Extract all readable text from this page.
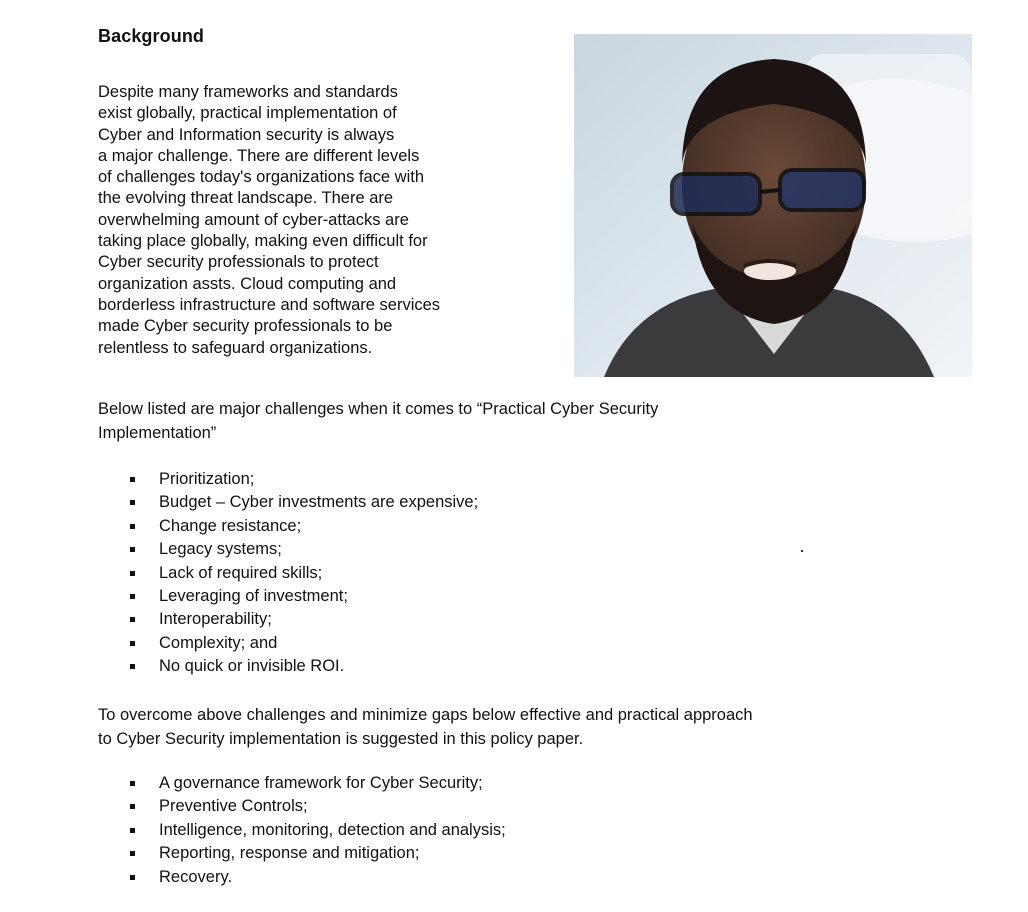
Background
Despite many frameworks and standards
exist globally, practical implementation of
Cyber and Information security is always
a major challenge. There are different levels
of challenges today's organizations face with
the evolving threat landscape. There are
overwhelming amount of cyber-attacks are
taking place globally, making even difficult for
Cyber security professionals to protect
organization assts. Cloud computing and
borderless infrastructure and software services
made Cyber security professionals to be
relentless to safeguard organizations.
Below listed are major challenges when it comes to “Practical Cyber Security
Implementation”
Prioritization;
Budget – Cyber investments are expensive;
Change resistance;
Legacy systems;
Lack of required skills;
Leveraging of investment;
Interoperability;
Complexity; and
No quick or invisible ROI.
To overcome above challenges and minimize gaps below effective and practical approach
to Cyber Security implementation is suggested in this policy paper.
A governance framework for Cyber Security;
Preventive Controls;
Intelligence, monitoring, detection and analysis;
Reporting, response and mitigation;
Recovery.
